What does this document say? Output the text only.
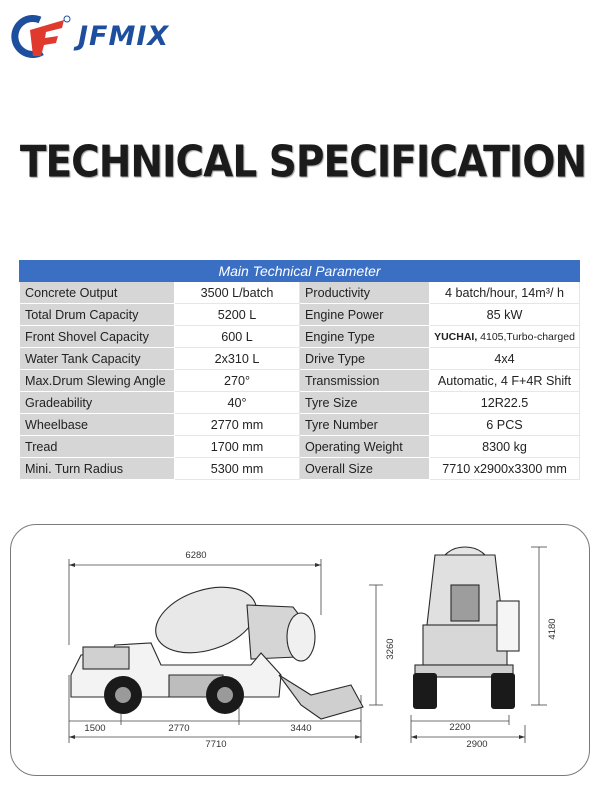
JFMIX
TECHNICAL SPECIFICATION
Main Technical Parameter			
Concrete Output	3500 L/batch	Productivity	4 batch/hour, 14m³/ h
Total Drum Capacity	5200 L	Engine Power	85 kW
Front Shovel Capacity	600 L	Engine Type	YUCHAI, 4105,Turbo-charged
Water Tank Capacity	2x310 L	Drive Type	4x4
Max.Drum Slewing Angle	270°	Transmission	Automatic, 4 F+4R Shift
Gradeability	40°	Tyre Size	12R22.5
Wheelbase	2770 mm	Tyre Number	6 PCS
Tread	1700 mm	Operating Weight	8300 kg
Mini. Turn Radius	5300 mm	Overall Size	7710 x2900x3300 mm
6280
1500	2770	3440
7710
3260
4180
2200
2900
